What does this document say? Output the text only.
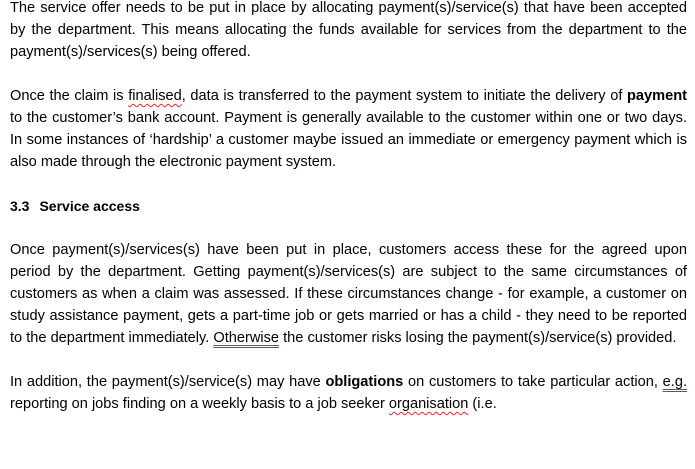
The service offer needs to be put in place by allocating payment(s)/service(s) that have been accepted by the department. This means allocating the funds available for services from the department to the payment(s)/services(s) being offered.

Once the claim is finalised, data is transferred to the payment system to initiate the delivery of payment to the customer’s bank account. Payment is generally available to the customer within one or two days. In some instances of ‘hardship’ a customer maybe issued an immediate or emergency payment which is also made through the electronic payment system.

3.3 Service access

Once payment(s)/services(s) have been put in place, customers access these for the agreed upon period by the department. Getting payment(s)/services(s) are subject to the same circumstances of customers as when a claim was assessed. If these circumstances change - for example, a customer on study assistance payment, gets a part-time job or gets married or has a child - they need to be reported to the department immediately. Otherwise the customer risks losing the payment(s)/service(s) provided.

In addition, the payment(s)/service(s) may have obligations on customers to take particular action, e.g. reporting on jobs finding on a weekly basis to a job seeker organisation (i.e.
